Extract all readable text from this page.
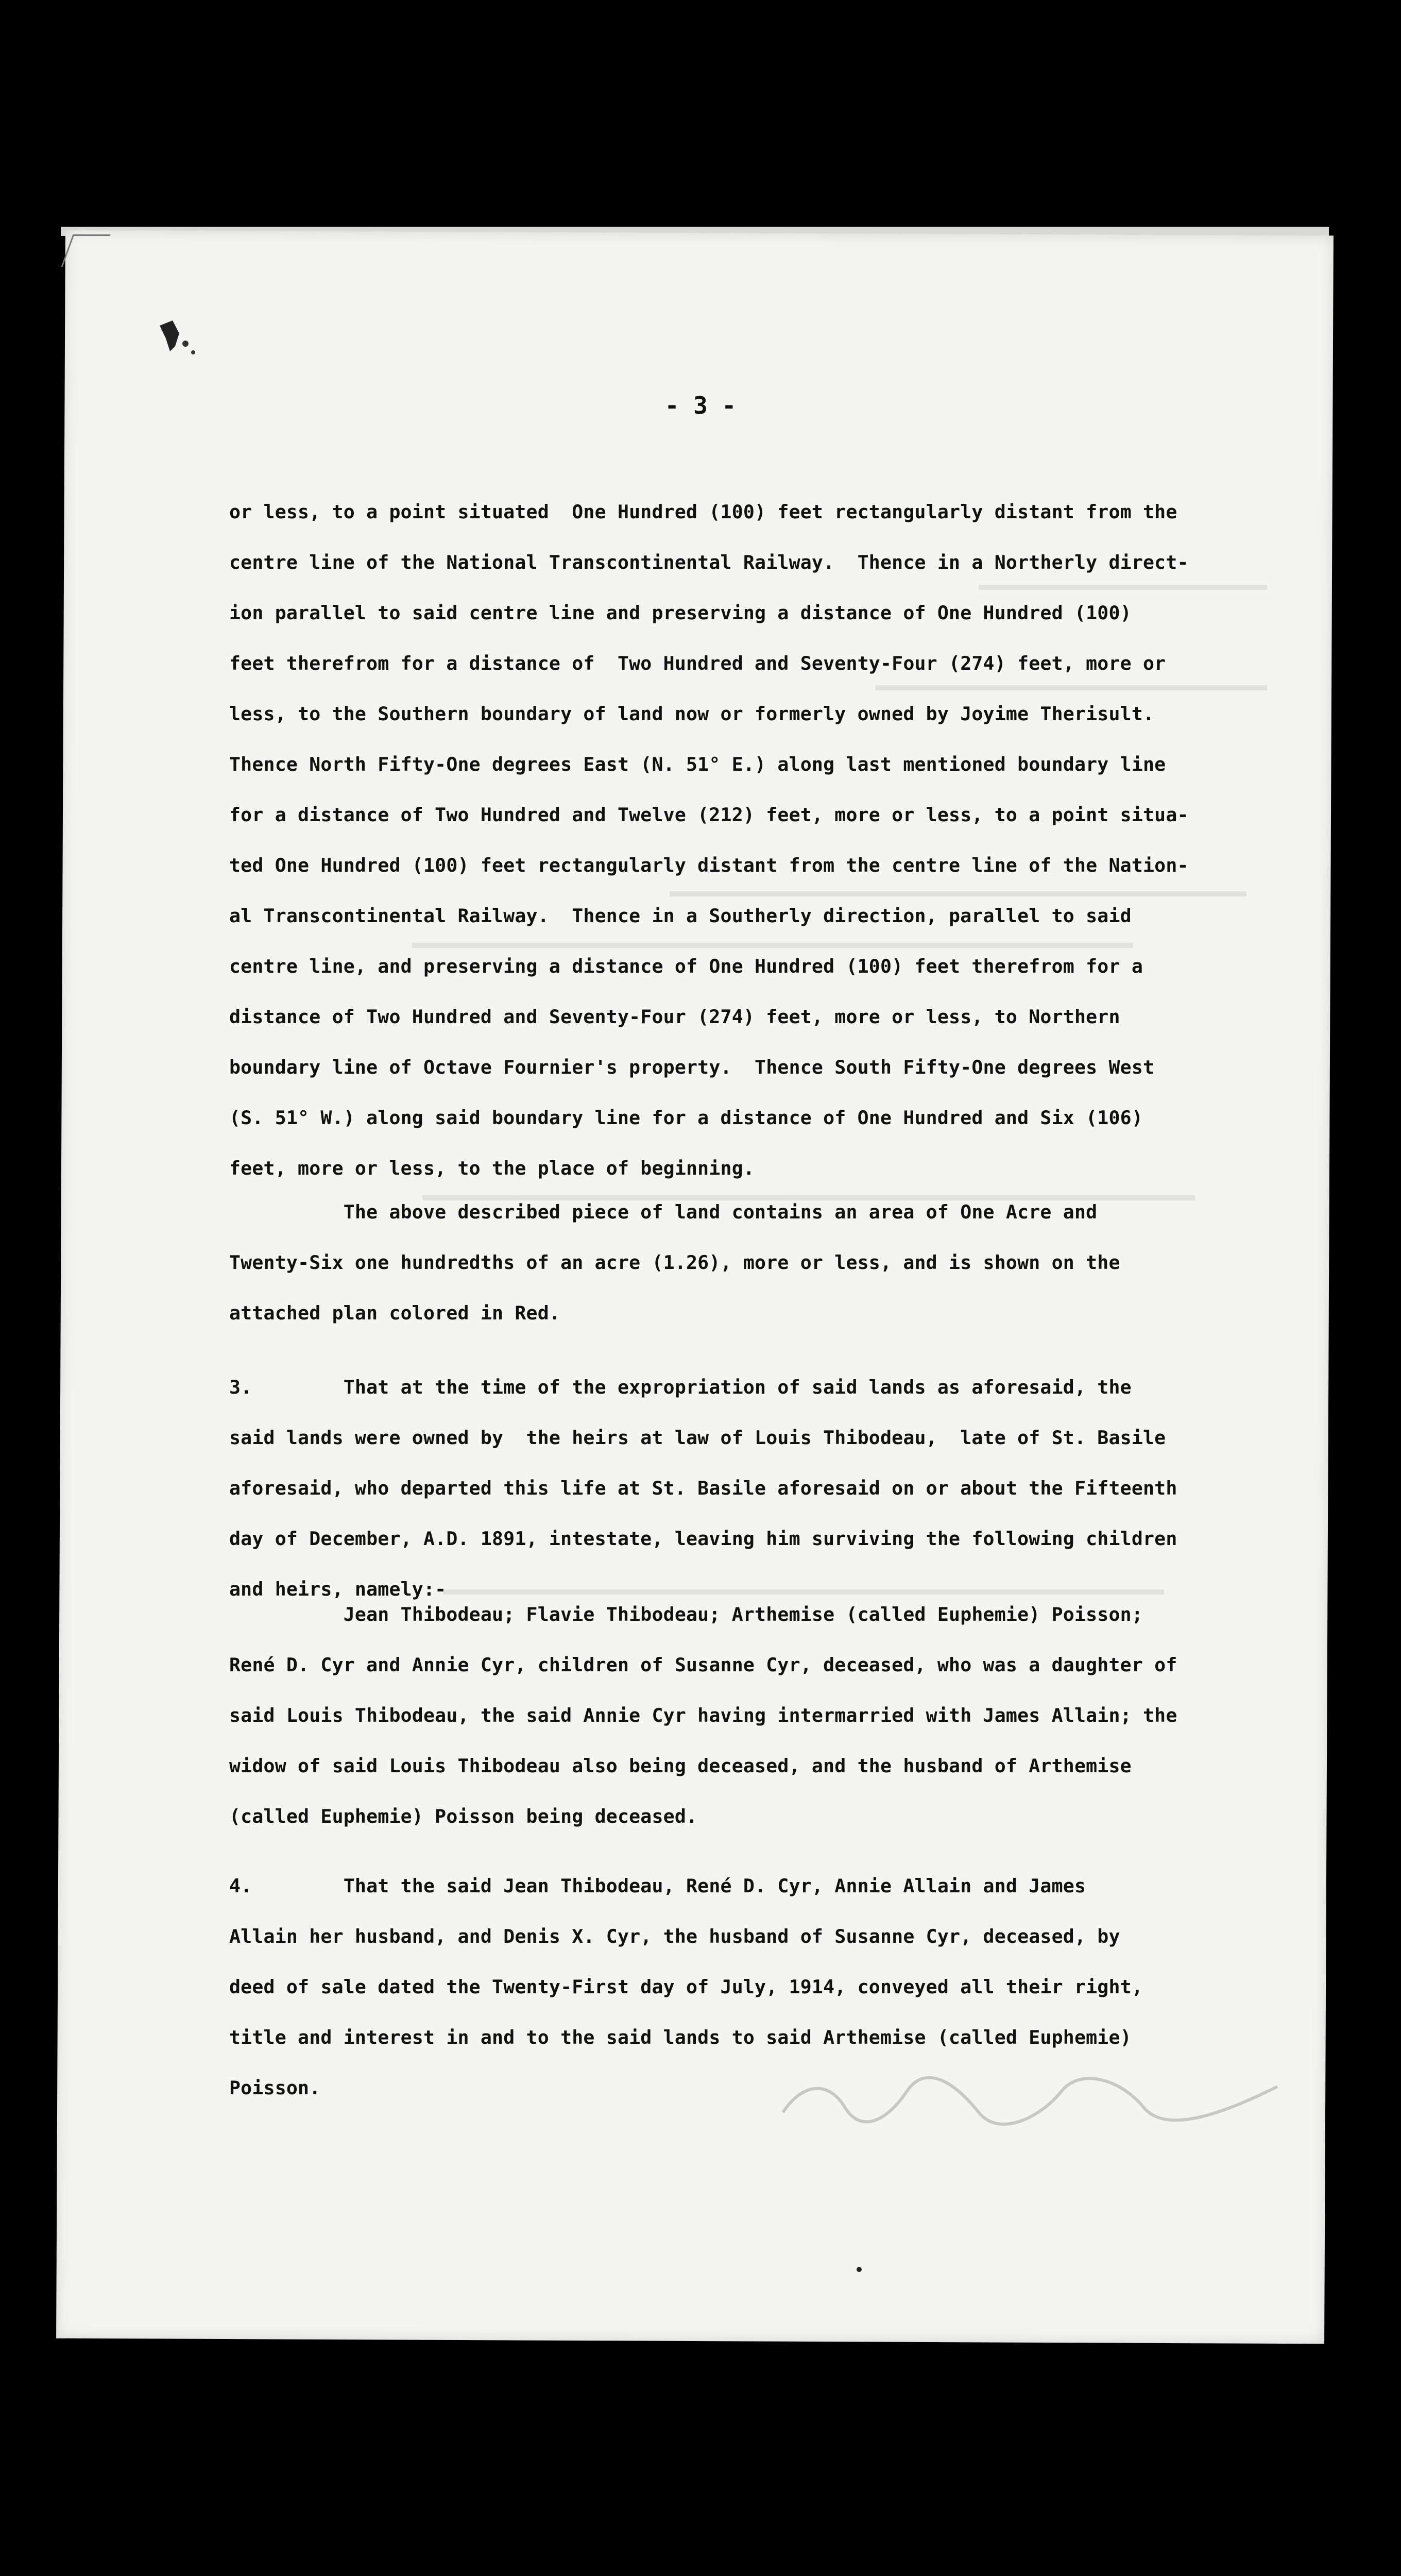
- 3 -
or less, to a point situated  One Hundred (100) feet rectangularly distant from the
centre line of the National Transcontinental Railway.  Thence in a Northerly direct-
ion parallel to said centre line and preserving a distance of One Hundred (100)
feet therefrom for a distance of  Two Hundred and Seventy-Four (274) feet, more or
less, to the Southern boundary of land now or formerly owned by Joyime Therisult.
Thence North Fifty-One degrees East (N. 51° E.) along last mentioned boundary line
for a distance of Two Hundred and Twelve (212) feet, more or less, to a point situa-
ted One Hundred (100) feet rectangularly distant from the centre line of the Nation-
al Transcontinental Railway.  Thence in a Southerly direction, parallel to said
centre line, and preserving a distance of One Hundred (100) feet therefrom for a
distance of Two Hundred and Seventy-Four (274) feet, more or less, to Northern
boundary line of Octave Fournier's property.  Thence South Fifty-One degrees West
(S. 51° W.) along said boundary line for a distance of One Hundred and Six (106)
feet, more or less, to the place of beginning.
The above described piece of land contains an area of One Acre and
Twenty-Six one hundredths of an acre (1.26), more or less, and is shown on the
attached plan colored in Red.
3.        That at the time of the expropriation of said lands as aforesaid, the
said lands were owned by  the heirs at law of Louis Thibodeau,  late of St. Basile
aforesaid, who departed this life at St. Basile aforesaid on or about the Fifteenth
day of December, A.D. 1891, intestate, leaving him surviving the following children
and heirs, namely:-
Jean Thibodeau; Flavie Thibodeau; Arthemise (called Euphemie) Poisson;
René D. Cyr and Annie Cyr, children of Susanne Cyr, deceased, who was a daughter of
said Louis Thibodeau, the said Annie Cyr having intermarried with James Allain; the
widow of said Louis Thibodeau also being deceased, and the husband of Arthemise
(called Euphemie) Poisson being deceased.
4.        That the said Jean Thibodeau, René D. Cyr, Annie Allain and James
Allain her husband, and Denis X. Cyr, the husband of Susanne Cyr, deceased, by
deed of sale dated the Twenty-First day of July, 1914, conveyed all their right,
title and interest in and to the said lands to said Arthemise (called Euphemie)
Poisson.
